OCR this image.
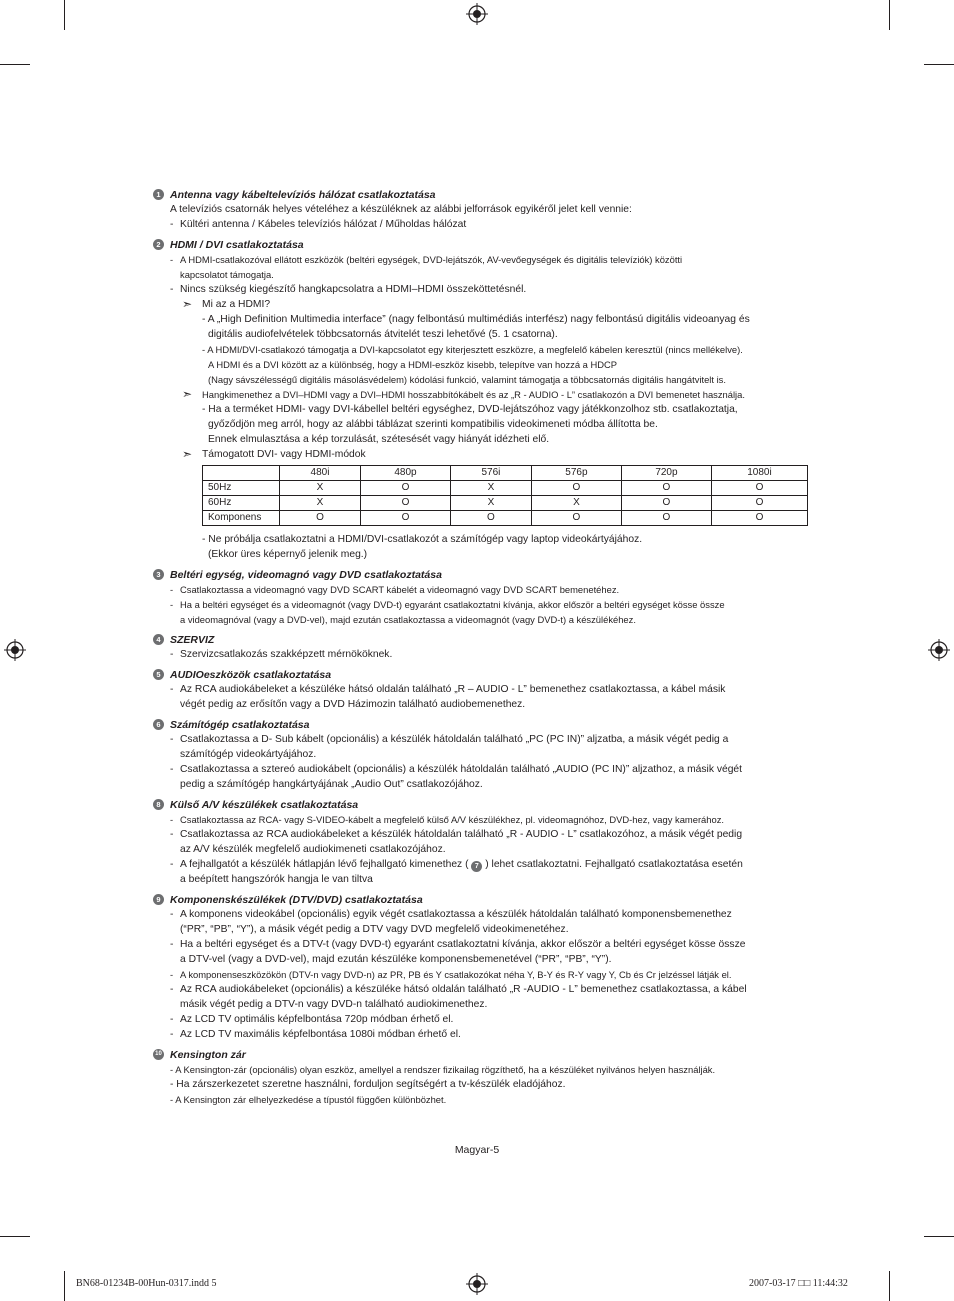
1 Antenna vagy kábeltelevíziós hálózat csatlakoztatása
A televíziós csatornák helyes vételéhez a készüléknek az alábbi jelforrások egyikéről jelet kell vennie:
- Kültéri antenna / Kábeles televíziós hálózat / Műholdas hálózat
2 HDMI / DVI csatlakoztatása
- A HDMI-csatlakozóval ellátott eszközök (beltéri egységek, DVD-lejátszók, AV-vevőegységek és digitális televíziók) közötti
kapcsolatot támogatja.
- Nincs szükség kiegészítő hangkapcsolatra a HDMI–HDMI összeköttetésnél.
➣ Mi az a HDMI?
- A „High Definition Multimedia interface” (nagy felbontású multimédiás interfész) nagy felbontású digitális videoanyag és
digitális audiofelvételek többcsatornás átvitelét teszi lehetővé (5. 1 csatorna).
- A HDMI/DVI-csatlakozó támogatja a DVI-kapcsolatot egy kiterjesztett eszközre, a megfelelő kábelen keresztül (nincs mellékelve).
A HDMI és a DVI között az a különbség, hogy a HDMI-eszköz kisebb, telepítve van hozzá a HDCP
(Nagy sávszélességű digitális másolásvédelem) kódolási funkció, valamint támogatja a többcsatornás digitális hangátvitelt is.
➣ Hangkimenethez a DVI–HDMI vagy a DVI–HDMI hosszabbítókábelt és az „R - AUDIO - L” csatlakozón a DVI bemenetet használja.
- Ha a terméket HDMI- vagy DVI-kábellel beltéri egységhez, DVD-lejátszóhoz vagy játékkonzolhoz stb. csatlakoztatja,
győződjön meg arról, hogy az alábbi táblázat szerinti kompatibilis videokimeneti módba állította be.
Ennek elmulasztása a kép torzulását, szétesését vagy hiányát idézheti elő.
➣ Támogatott DVI- vagy HDMI-módok
	480i	480p	576i	576p	720p	1080i
50Hz	X	O	X	O	O	O
60Hz	X	O	X	X	O	O
Komponens	O	O	O	O	O	O
- Ne próbálja csatlakoztatni a HDMI/DVI-csatlakozót a számítógép vagy laptop videokártyájához.
(Ekkor üres képernyő jelenik meg.)
3 Beltéri egység, videomagnó vagy DVD csatlakoztatása
- Csatlakoztassa a videomagnó vagy DVD SCART kábelét a videomagnó vagy DVD SCART bemenetéhez.
- Ha a beltéri egységet és a videomagnót (vagy DVD-t) egyaránt csatlakoztatni kívánja, akkor először a beltéri egységet kösse össze
a videomagnóval (vagy a DVD-vel), majd ezután csatlakoztassa a videomagnót (vagy DVD-t) a készülékéhez.
4 SZERVIZ
- Szervizcsatlakozás szakképzett mérnököknek.
5 AUDIOeszközök csatlakoztatása
- Az RCA audiokábeleket a készüléke hátsó oldalán található „R – AUDIO - L” bemenethez csatlakoztassa, a kábel másik
végét pedig az erősítőn vagy a DVD Házimozin található audiobemenethez.
6 Számítógép csatlakoztatása
- Csatlakoztassa a D- Sub kábelt (opcionális) a készülék hátoldalán található „PC (PC IN)” aljzatba, a másik végét pedig a
számítógép videokártyájához.
- Csatlakoztassa a sztereó audiokábelt (opcionális) a készülék hátoldalán található „AUDIO (PC IN)” aljzathoz, a másik végét
pedig a számítógép hangkártyájának „Audio Out” csatlakozójához.
8 Külső A/V készülékek csatlakoztatása
- Csatlakoztassa az RCA- vagy S-VIDEO-kábelt a megfelelő külső A/V készülékhez, pl. videomagnóhoz, DVD-hez, vagy kamerához.
- Csatlakoztassa az RCA audiokábeleket a készülék hátoldalán található „R - AUDIO - L” csatlakozóhoz, a másik végét pedig
az A/V készülék megfelelő audiokimeneti csatlakozójához.
- A fejhallgatót a készülék hátlapján lévő fejhallgató kimenethez ( 7 ) lehet csatlakoztatni. Fejhallgató csatlakoztatása esetén
a beépített hangszórók hangja le van tiltva
9 Komponenskészülékek (DTV/DVD) csatlakoztatása
- A komponens videokábel (opcionális) egyik végét csatlakoztassa a készülék hátoldalán található komponensbemenethez
(“PR”, “PB”, “Y”), a másik végét pedig a DTV vagy DVD megfelelő videokimenetéhez.
- Ha a beltéri egységet és a DTV-t (vagy DVD-t) egyaránt csatlakoztatni kívánja, akkor először a beltéri egységet kösse össze
a DTV-vel (vagy a DVD-vel), majd ezután készüléke komponensbemenetével (“PR”, “PB”, “Y”).
- A komponenseszközökön (DTV-n vagy DVD-n) az PR, PB és Y csatlakozókat néha Y, B-Y és R-Y vagy Y, Cb és Cr jelzéssel látják el.
- Az RCA audiokábeleket (opcionális) a készüléke hátsó oldalán található „R -AUDIO - L” bemenethez csatlakoztassa, a kábel
másik végét pedig a DTV-n vagy DVD-n található audiokimenethez.
- Az LCD TV optimális képfelbontása 720p módban érhető el.
- Az LCD TV maximális képfelbontása 1080i módban érhető el.
10 Kensington zár
- A Kensington-zár (opcionális) olyan eszköz, amellyel a rendszer fizikailag rögzíthető, ha a készüléket nyilvános helyen használják.
- Ha zárszerkezetet szeretne használni, forduljon segítségért a tv-készülék eladójához.
- A Kensington zár elhelyezkedése a típustól függően különbözhet.
Magyar-5
BN68-01234B-00Hun-0317.indd 5	2007-03-17 □□ 11:44:32
